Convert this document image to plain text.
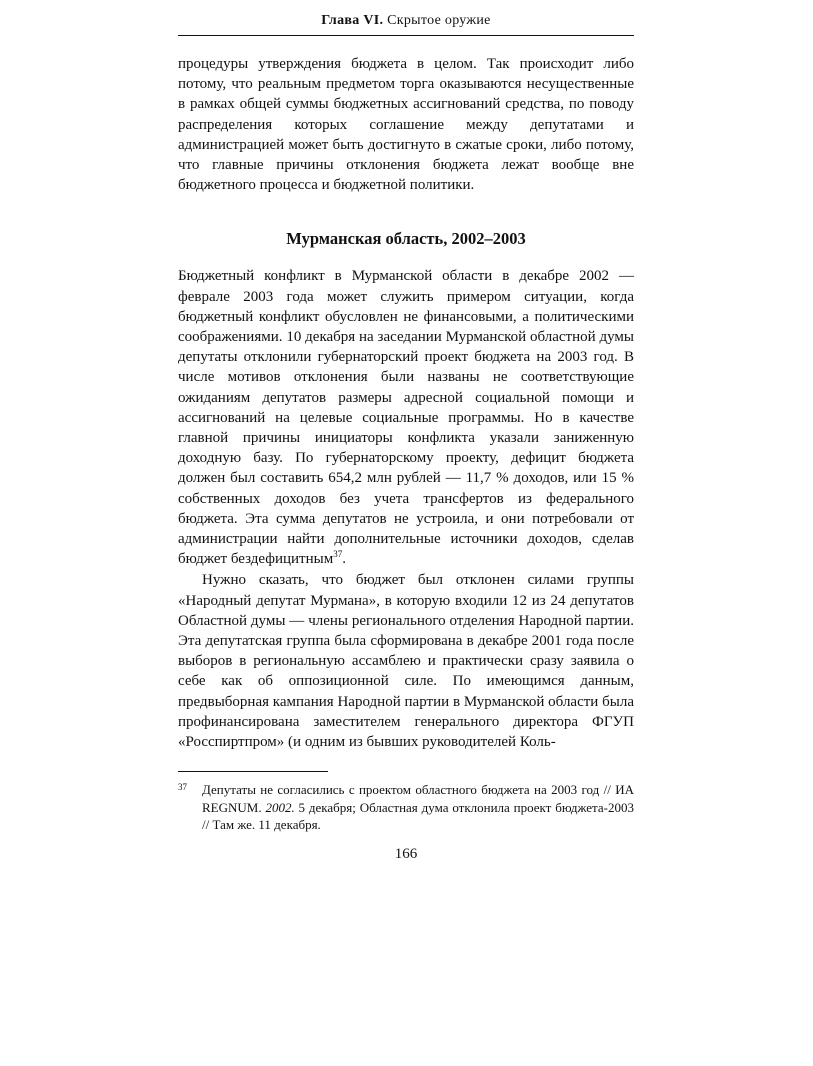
Глава VI. Скрытое оружие

процедуры утверждения бюджета в целом. Так происходит либо потому, что реальным предметом торга оказываются несущественные в рамках общей суммы бюджетных ассигнований средства, по поводу распределения которых соглашение между депутатами и администрацией может быть достигнуто в сжатые сроки, либо потому, что главные причины отклонения бюджета лежат вообще вне бюджетного процесса и бюджетной политики.

Мурманская область, 2002–2003

Бюджетный конфликт в Мурманской области в декабре 2002 — феврале 2003 года может служить примером ситуации, когда бюджетный конфликт обусловлен не финансовыми, а политическими соображениями. 10 декабря на заседании Мурманской областной думы депутаты отклонили губернаторский проект бюджета на 2003 год. В числе мотивов отклонения были названы не соответствующие ожиданиям депутатов размеры адресной социальной помощи и ассигнований на целевые социальные программы. Но в качестве главной причины инициаторы конфликта указали заниженную доходную базу. По губернаторскому проекту, дефицит бюджета должен был составить 654,2 млн рублей — 11,7 % доходов, или 15 % собственных доходов без учета трансфертов из федерального бюджета. Эта сумма депутатов не устроила, и они потребовали от администрации найти дополнительные источники доходов, сделав бюджет бездефицитным$^{37}$.

Нужно сказать, что бюджет был отклонен силами группы «Народный депутат Мурмана», в которую входили 12 из 24 депутатов Областной думы — члены регионального отделения Народной партии. Эта депутатская группа была сформирована в декабре 2001 года после выборов в региональную ассамблею и практически сразу заявила о себе как об оппозиционной силе. По имеющимся данным, предвыборная кампания Народной партии в Мурманской области была профинансирована заместителем генерального директора ФГУП «Росспиртпром» (и одним из бывших руководителей Коль-

37	Депутаты не согласились с проектом областного бюджета на 2003 год // ИА REGNUM. 2002. 5 декабря; Областная дума отклонила проект бюджета-2003 // Там же. 11 декабря.
166
